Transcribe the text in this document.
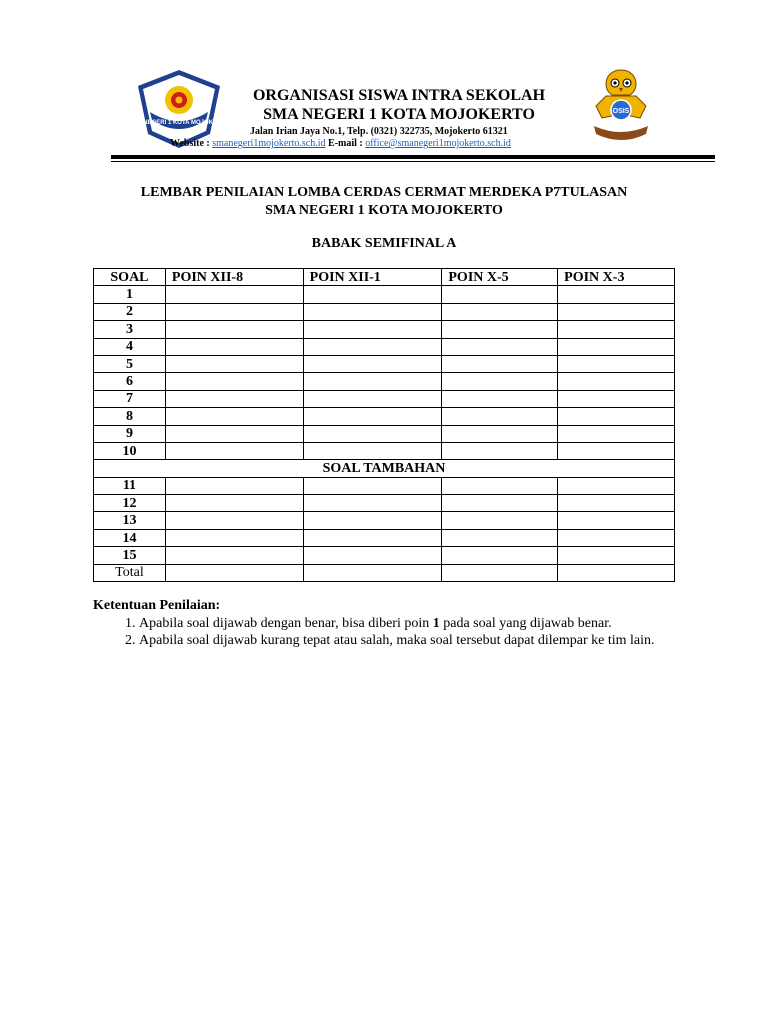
SMA NEGERI 1 KOTA MOJOKERTO
OSIS
ORGANISASI SISWA INTRA SEKOLAH
SMA NEGERI 1 KOTA MOJOKERTO
Jalan Irian Jaya No.1, Telp. (0321) 322735, Mojokerto 61321
Website : smanegeri1mojokerto.sch.id E-mail : office@smanegeri1mojokerto.sch.id
LEMBAR PENILAIAN LOMBA CERDAS CERMAT MERDEKA P7TULASAN
SMA NEGERI 1 KOTA MOJOKERTO
BABAK SEMIFINAL A
SOAL	POIN XII-8	POIN XII-1	POIN X-5	POIN X-3
1				
2				
3				
4				
5				
6				
7				
8				
9				
10				
SOAL TAMBAHAN				
11				
12				
13				
14				
15				
Total				
Ketentuan Penilaian:
1. Apabila soal dijawab dengan benar, bisa diberi poin 1 pada soal yang dijawab benar.
2. Apabila soal dijawab kurang tepat atau salah, maka soal tersebut dapat dilempar ke tim lain.
